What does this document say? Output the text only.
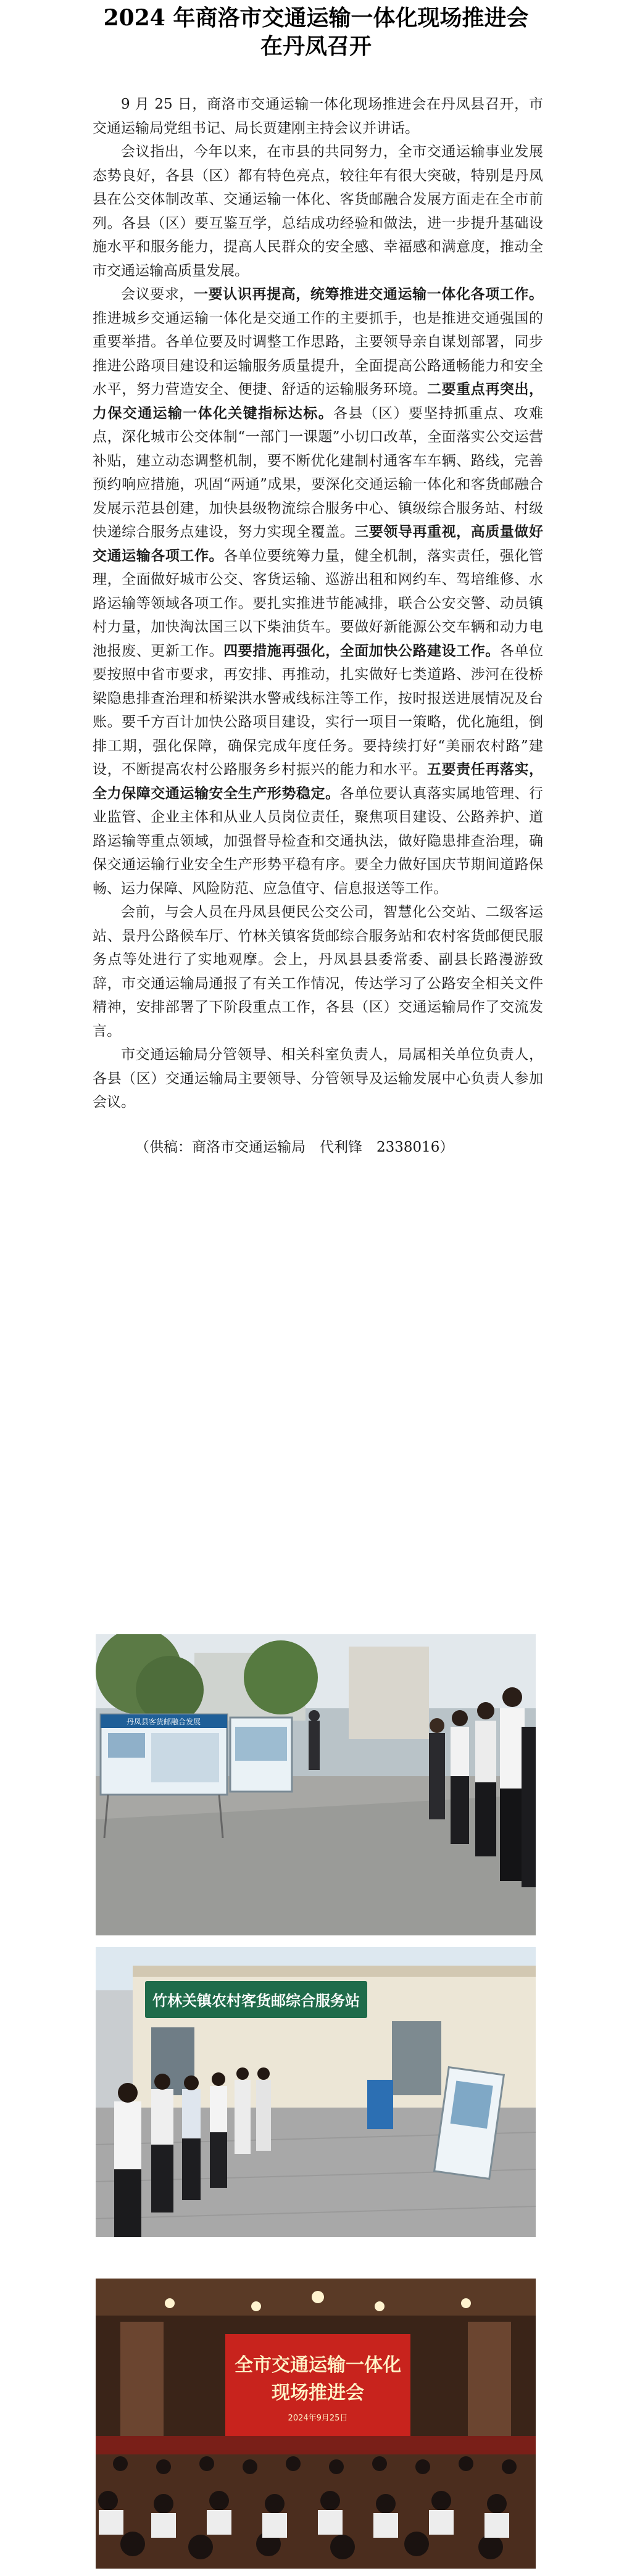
2024 年商洛市交通运输一体化现场推进会
在丹凤召开

9 月 25 日，商洛市交通运输一体化现场推进会在丹凤县召开，市交通运输局党组书记、局长贾建刚主持会议并讲话。

会议指出，今年以来，在市县的共同努力，全市交通运输事业发展态势良好，各县（区）都有特色亮点，较往年有很大突破，特别是丹凤县在公交体制改革、交通运输一体化、客货邮融合发展方面走在全市前列。各县（区）要互鉴互学，总结成功经验和做法，进一步提升基础设施水平和服务能力，提高人民群众的安全感、幸福感和满意度，推动全市交通运输高质量发展。

会议要求，一要认识再提高，统筹推进交通运输一体化各项工作。推进城乡交通运输一体化是交通工作的主要抓手，也是推进交通强国的重要举措。各单位要及时调整工作思路，主要领导亲自谋划部署，同步推进公路项目建设和运输服务质量提升，全面提高公路通畅能力和安全水平，努力营造安全、便捷、舒适的运输服务环境。二要重点再突出，力保交通运输一体化关键指标达标。各县（区）要坚持抓重点、攻难点，深化城市公交体制“一部门一课题”小切口改革，全面落实公交运营补贴，建立动态调整机制，要不断优化建制村通客车车辆、路线，完善预约响应措施，巩固“两通”成果，要深化交通运输一体化和客货邮融合发展示范县创建，加快县级物流综合服务中心、镇级综合服务站、村级快递综合服务点建设，努力实现全覆盖。三要领导再重视，高质量做好交通运输各项工作。各单位要统筹力量，健全机制，落实责任，强化管理，全面做好城市公交、客货运输、巡游出租和网约车、驾培维修、水路运输等领域各项工作。要扎实推进节能减排，联合公安交警、动员镇村力量，加快淘汰国三以下柴油货车。要做好新能源公交车辆和动力电池报废、更新工作。四要措施再强化，全面加快公路建设工作。各单位要按照中省市要求，再安排、再推动，扎实做好七类道路、涉河在役桥梁隐患排查治理和桥梁洪水警戒线标注等工作，按时报送进展情况及台账。要千方百计加快公路项目建设，实行一项目一策略，优化施组，倒排工期，强化保障，确保完成年度任务。要持续打好“美丽农村路”建设，不断提高农村公路服务乡村振兴的能力和水平。五要责任再落实，全力保障交通运输安全生产形势稳定。各单位要认真落实属地管理、行业监管、企业主体和从业人员岗位责任，聚焦项目建设、公路养护、道路运输等重点领域，加强督导检查和交通执法，做好隐患排查治理，确保交通运输行业安全生产形势平稳有序。要全力做好国庆节期间道路保畅、运力保障、风险防范、应急值守、信息报送等工作。

会前，与会人员在丹凤县便民公交公司，智慧化公交站、二级客运站、景丹公路候车厅、竹林关镇客货邮综合服务站和农村客货邮便民服务点等处进行了实地观摩。会上，丹凤县县委常委、副县长路漫游致辞，市交通运输局通报了有关工作情况，传达学习了公路安全相关文件精神，安排部署了下阶段重点工作，各县（区）交通运输局作了交流发言。

市交通运输局分管领导、相关科室负责人，局属相关单位负责人，各县（区）交通运输局主要领导、分管领导及运输发展中心负责人参加会议。

（供稿：商洛市交通运输局　代利锋　2338016）

丹凤县客货邮融合发展
竹林关镇农村客货邮综合服务站
全市交通运输一体化
现场推进会
2024年9月25日
